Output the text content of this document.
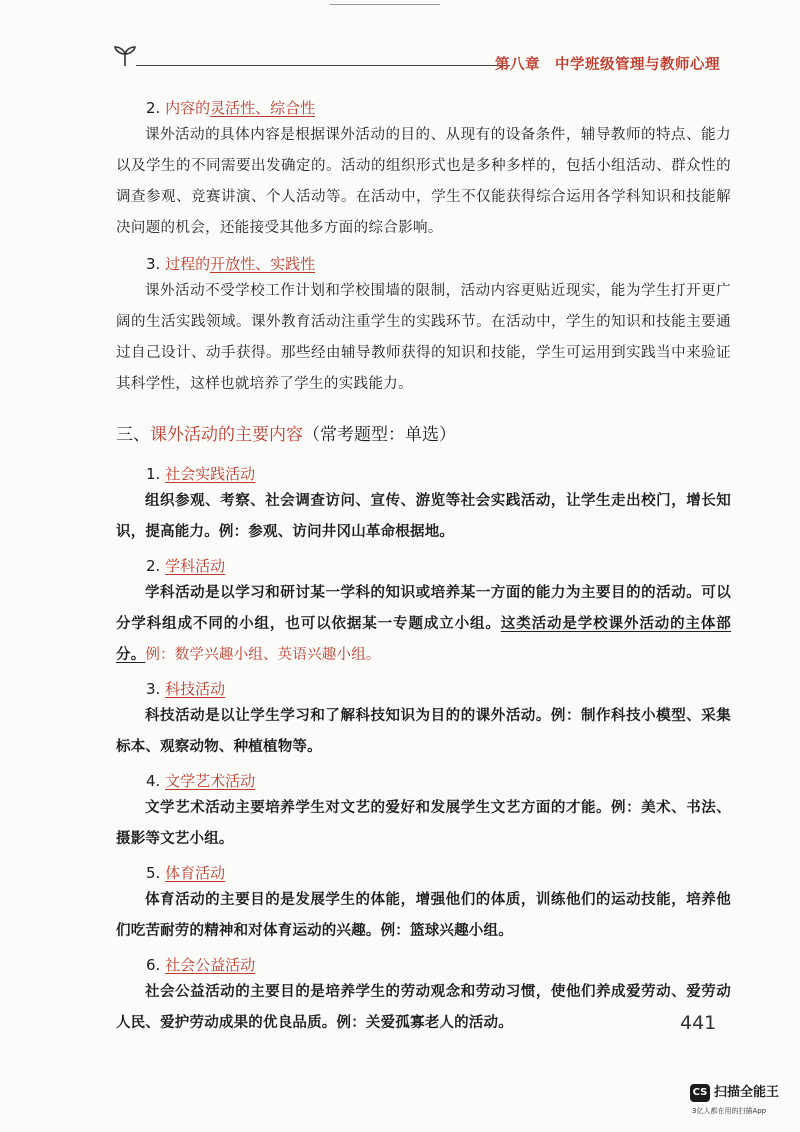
第八章　中学班级管理与教师心理

2. 内容的灵活性、综合性

课外活动的具体内容是根据课外活动的目的、从现有的设备条件，辅导教师的特点、能力以及学生的不同需要出发确定的。活动的组织形式也是多种多样的，包括小组活动、群众性的调查参观、竞赛讲演、个人活动等。在活动中，学生不仅能获得综合运用各学科知识和技能解决问题的机会，还能接受其他多方面的综合影响。

3. 过程的开放性、实践性

课外活动不受学校工作计划和学校围墙的限制，活动内容更贴近现实，能为学生打开更广阔的生活实践领域。课外教育活动注重学生的实践环节。在活动中，学生的知识和技能主要通过自己设计、动手获得。那些经由辅导教师获得的知识和技能，学生可运用到实践当中来验证其科学性，这样也就培养了学生的实践能力。

三、课外活动的主要内容（常考题型：单选）

1. 社会实践活动

组织参观、考察、社会调查访问、宣传、游览等社会实践活动，让学生走出校门，增长知识，提高能力。例：参观、访问井冈山革命根据地。

2. 学科活动

学科活动是以学习和研讨某一学科的知识或培养某一方面的能力为主要目的的活动。可以分学科组成不同的小组，也可以依据某一专题成立小组。这类活动是学校课外活动的主体部分。例：数学兴趣小组、英语兴趣小组。

3. 科技活动

科技活动是以让学生学习和了解科技知识为目的的课外活动。例：制作科技小模型、采集标本、观察动物、种植植物等。

4. 文学艺术活动

文学艺术活动主要培养学生对文艺的爱好和发展学生文艺方面的才能。例：美术、书法、摄影等文艺小组。

5. 体育活动

体育活动的主要目的是发展学生的体能，增强他们的体质，训练他们的运动技能，培养他们吃苦耐劳的精神和对体育运动的兴趣。例：篮球兴趣小组。

6. 社会公益活动

社会公益活动的主要目的是培养学生的劳动观念和劳动习惯，使他们养成爱劳动、爱劳动人民、爱护劳动成果的优良品质。例：关爱孤寡老人的活动。	441
CS 扫描全能王
3亿人都在用的扫描App
